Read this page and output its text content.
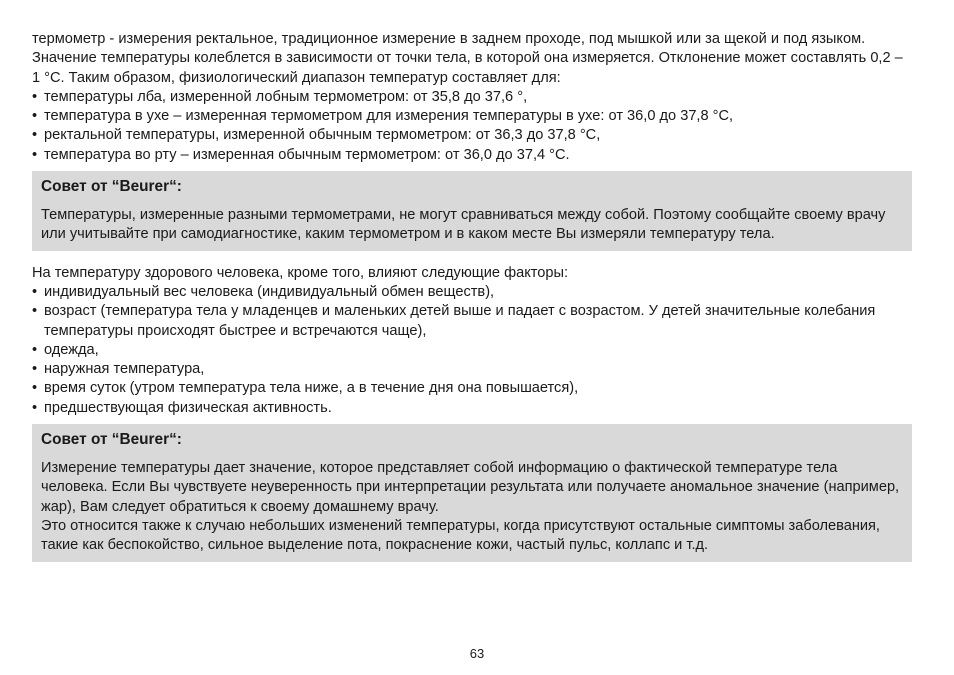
термометр - измерения ректальное, традиционное измерение в заднем проходе, под мышкой или за щекой и под языком.

Значение температуры колеблется в зависимости от точки тела, в которой она измеряется. Отклонение может составлять 0,2 – 1 °С. Таким образом, физиологический диапазон температур составляет для:

• температуры лба, измеренной лобным термометром: от 35,8 до 37,6 °,
• температура в ухе – измеренная термометром для измерения температуры в ухе: от 36,0 до 37,8 °С,
• ректальной температуры, измеренной обычным термометром: от 36,3 до 37,8 °С,
• температура во рту – измеренная обычным термометром: от 36,0 до 37,4 °С.
Совет от “Beurer“:
Температуры, измеренные разными термометрами, не могут сравниваться между собой. Поэтому сообщайте своему врачу или учитывайте при самодиагностике, каким термометром и в каком месте Вы измеряли температуру тела.

На температуру здорового человека, кроме того, влияют следующие факторы:

• индивидуальный вес человека (индивидуальный обмен веществ),
• возраст (температура тела у младенцев и маленьких детей выше и падает с возрастом. У детей значительные колебания температуры происходят быстрее и встречаются чаще),
• одежда,
• наружная температура,
• время суток (утром температура тела ниже, а в течение дня она повышается),
• предшествующая физическая активность.
Совет от “Beurer“:
Измерение температуры дает значение, которое представляет собой информацию о фактической температуре тела человека. Если Вы чувствуете неуверенность при интерпретации результата или получаете аномальное значение (например, жар), Вам следует обратиться к своему домашнему врачу.
Это относится также к случаю небольших изменений температуры, когда присутствуют остальные симптомы заболевания, такие как беспокойство, сильное выделение пота, покраснение кожи, частый пульс, коллапс и т.д.
63
